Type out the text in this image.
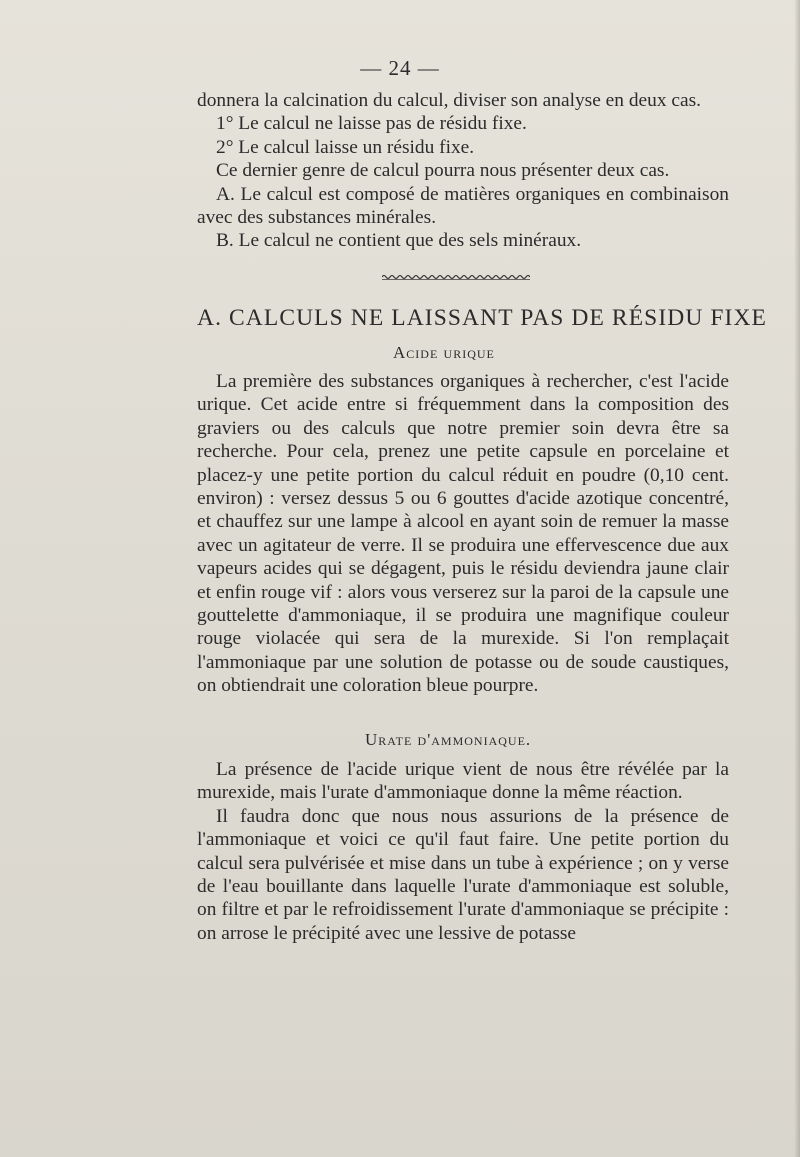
— 24 —

donnera la calcination du calcul, diviser son analyse en deux cas.

1° Le calcul ne laisse pas de résidu fixe.

2° Le calcul laisse un résidu fixe.

Ce dernier genre de calcul pourra nous présenter deux cas.

A. Le calcul est composé de matières organiques en combinaison avec des substances minérales.

B. Le calcul ne contient que des sels minéraux.

A. CALCULS NE LAISSANT PAS DE RÉSIDU FIXE
Acide urique

La première des substances organiques à rechercher, c'est l'acide urique. Cet acide entre si fréquemment dans la composition des graviers ou des calculs que notre premier soin devra être sa recherche. Pour cela, prenez une petite capsule en porcelaine et placez-y une petite portion du calcul réduit en poudre (0,10 cent. environ) : versez dessus 5 ou 6 gouttes d'acide azotique concentré, et chauffez sur une lampe à alcool en ayant soin de remuer la masse avec un agitateur de verre. Il se produira une effervescence due aux vapeurs acides qui se dégagent, puis le résidu deviendra jaune clair et enfin rouge vif : alors vous verserez sur la paroi de la capsule une gouttelette d'ammoniaque, il se produira une magnifique couleur rouge violacée qui sera de la murexide. Si l'on remplaçait l'ammoniaque par une solution de potasse ou de soude caustiques, on obtiendrait une coloration bleue pourpre.

Urate d'ammoniaque.

La présence de l'acide urique vient de nous être révélée par la murexide, mais l'urate d'ammoniaque donne la même réaction.

Il faudra donc que nous nous assurions de la présence de l'ammoniaque et voici ce qu'il faut faire. Une petite portion du calcul sera pulvérisée et mise dans un tube à expérience ; on y verse de l'eau bouillante dans laquelle l'urate d'ammoniaque est soluble, on filtre et par le refroidissement l'urate d'ammoniaque se précipite : on arrose le précipité avec une lessive de potasse
